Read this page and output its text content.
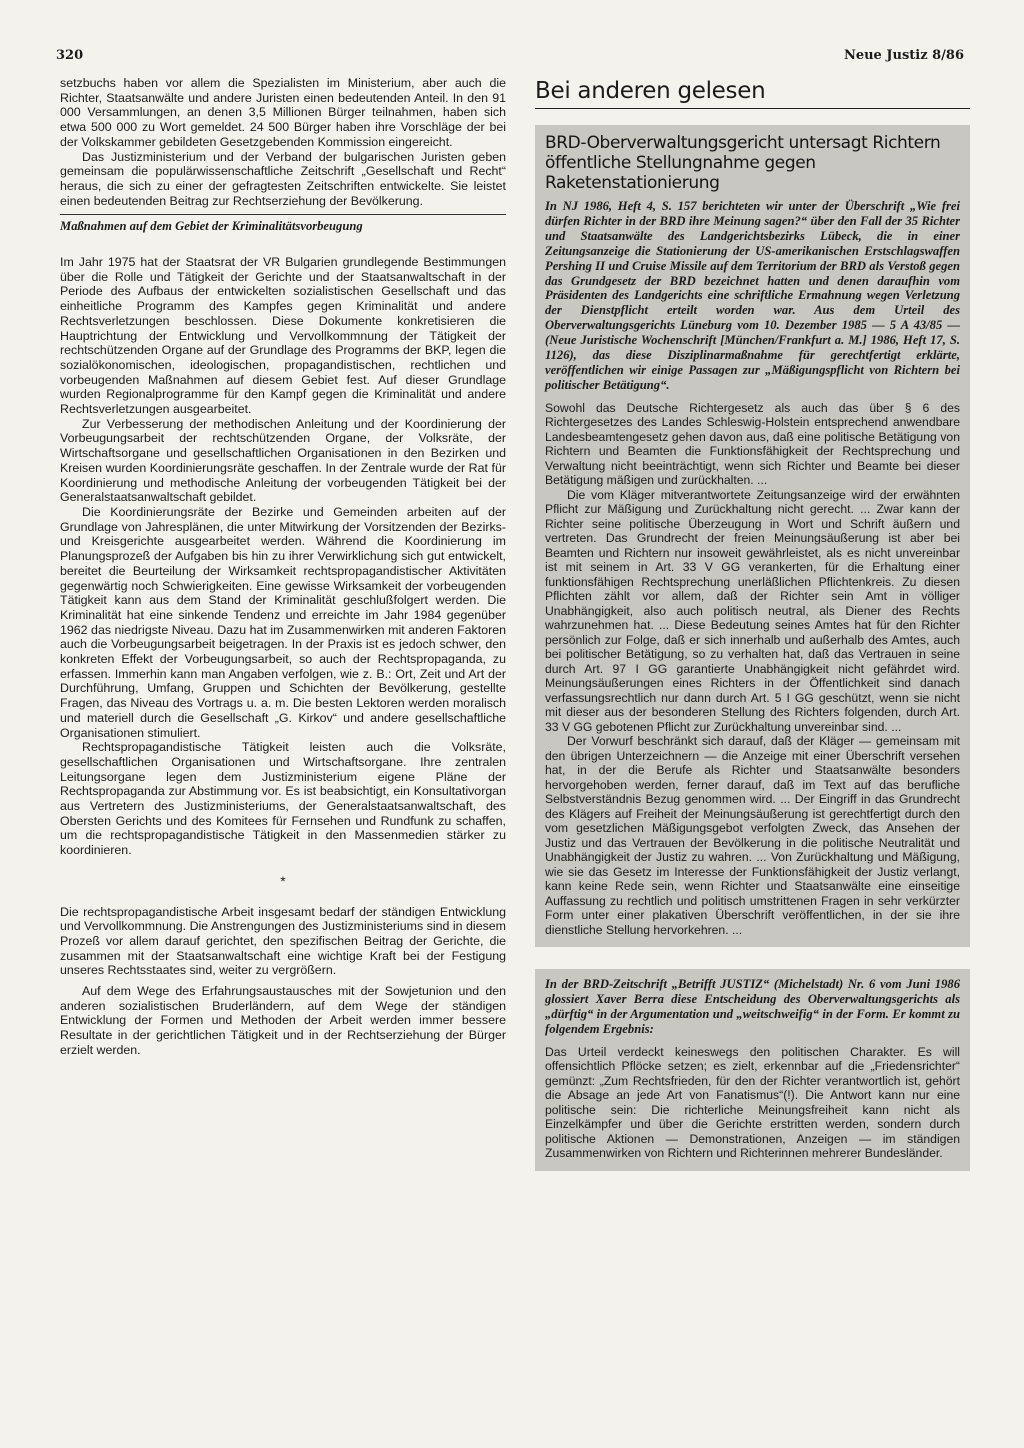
320	Neue Justiz 8/86

setzbuchs haben vor allem die Spezialisten im Ministerium, aber auch die Richter, Staatsanwälte und andere Juristen einen bedeutenden Anteil. In den 91 000 Versammlungen, an denen 3,5 Millionen Bürger teilnahmen, haben sich etwa 500 000 zu Wort gemeldet. 24 500 Bürger haben ihre Vorschläge der bei der Volkskammer gebildeten Gesetzgebenden Kommission eingereicht.

Das Justizministerium und der Verband der bulgarischen Juristen geben gemeinsam die populärwissenschaftliche Zeitschrift „Gesellschaft und Recht“ heraus, die sich zu einer der gefragtesten Zeitschriften entwickelte. Sie leistet einen bedeutenden Beitrag zur Rechtserziehung der Bevölkerung.

Maßnahmen auf dem Gebiet der Kriminalitätsvorbeugung

Im Jahr 1975 hat der Staatsrat der VR Bulgarien grundlegende Bestimmungen über die Rolle und Tätigkeit der Gerichte und der Staatsanwaltschaft in der Periode des Aufbaus der entwickelten sozialistischen Gesellschaft und das einheitliche Programm des Kampfes gegen Kriminalität und andere Rechtsverletzungen beschlossen. Diese Dokumente konkretisieren die Hauptrichtung der Entwicklung und Vervollkommnung der Tätigkeit der rechtschützenden Organe auf der Grundlage des Programms der BKP, legen die sozialökonomischen, ideologischen, propagandistischen, rechtlichen und vorbeugenden Maßnahmen auf diesem Gebiet fest. Auf dieser Grundlage wurden Regionalprogramme für den Kampf gegen die Kriminalität und andere Rechtsverletzungen ausgearbeitet.

Zur Verbesserung der methodischen Anleitung und der Koordinierung der Vorbeugungsarbeit der rechtschützenden Organe, der Volksräte, der Wirtschaftsorgane und gesellschaftlichen Organisationen in den Bezirken und Kreisen wurden Koordinierungsräte geschaffen. In der Zentrale wurde der Rat für Koordinierung und methodische Anleitung der vorbeugenden Tätigkeit bei der Generalstaatsanwaltschaft gebildet.

Die Koordinierungsräte der Bezirke und Gemeinden arbeiten auf der Grundlage von Jahresplänen, die unter Mitwirkung der Vorsitzenden der Bezirks- und Kreisgerichte ausgearbeitet werden. Während die Koordinierung im Planungsprozeß der Aufgaben bis hin zu ihrer Verwirklichung sich gut entwickelt, bereitet die Beurteilung der Wirksamkeit rechtspropagandistischer Aktivitäten gegenwärtig noch Schwierigkeiten. Eine gewisse Wirksamkeit der vorbeugenden Tätigkeit kann aus dem Stand der Kriminalität geschlußfolgert werden. Die Kriminalität hat eine sinkende Tendenz und erreichte im Jahr 1984 gegenüber 1962 das niedrigste Niveau. Dazu hat im Zusammenwirken mit anderen Faktoren auch die Vorbeugungsarbeit beigetragen. In der Praxis ist es jedoch schwer, den konkreten Effekt der Vorbeugungsarbeit, so auch der Rechtspropaganda, zu erfassen. Immerhin kann man Angaben verfolgen, wie z. B.: Ort, Zeit und Art der Durchführung, Umfang, Gruppen und Schichten der Bevölkerung, gestellte Fragen, das Niveau des Vortrags u. a. m. Die besten Lektoren werden moralisch und materiell durch die Gesellschaft „G. Kirkov“ und andere gesellschaftliche Organisationen stimuliert.

Rechtspropagandistische Tätigkeit leisten auch die Volksräte, gesellschaftlichen Organisationen und Wirtschaftsorgane. Ihre zentralen Leitungsorgane legen dem Justizministerium eigene Pläne der Rechtspropaganda zur Abstimmung vor. Es ist beabsichtigt, ein Konsultativorgan aus Vertretern des Justizministeriums, der Generalstaatsanwaltschaft, des Obersten Gerichts und des Komitees für Fernsehen und Rundfunk zu schaffen, um die rechtspropagandistische Tätigkeit in den Massenmedien stärker zu koordinieren.

*

Die rechtspropagandistische Arbeit insgesamt bedarf der ständigen Entwicklung und Vervollkommnung. Die Anstrengungen des Justizministeriums sind in diesem Prozeß vor allem darauf gerichtet, den spezifischen Beitrag der Gerichte, die zusammen mit der Staatsanwaltschaft eine wichtige Kraft bei der Festigung unseres Rechtsstaates sind, weiter zu vergrößern.

Auf dem Wege des Erfahrungsaustausches mit der Sowjetunion und den anderen sozialistischen Bruderländern, auf dem Wege der ständigen Entwicklung der Formen und Methoden der Arbeit werden immer bessere Resultate in der gerichtlichen Tätigkeit und in der Rechtserziehung der Bürger erzielt werden.

Bei anderen gelesen
BRD-Oberverwaltungsgericht untersagt Richtern öffentliche Stellungnahme gegen Raketenstationierung

In NJ 1986, Heft 4, S. 157 berichteten wir unter der Überschrift „Wie frei dürfen Richter in der BRD ihre Meinung sagen?“ über den Fall der 35 Richter und Staatsanwälte des Landgerichtsbezirks Lübeck, die in einer Zeitungsanzeige die Stationierung der US-amerikanischen Erstschlagswaffen Pershing II und Cruise Missile auf dem Territorium der BRD als Verstoß gegen das Grundgesetz der BRD bezeichnet hatten und denen daraufhin vom Präsidenten des Landgerichts eine schriftliche Ermahnung wegen Verletzung der Dienstpflicht erteilt worden war. Aus dem Urteil des Oberverwaltungsgerichts Lüneburg vom 10. Dezember 1985 — 5 A 43/85 — (Neue Juristische Wochenschrift [München/Frankfurt a. M.] 1986, Heft 17, S. 1126), das diese Disziplinarmaßnahme für gerechtfertigt erklärte, veröffentlichen wir einige Passagen zur „Mäßigungspflicht von Richtern bei politischer Betätigung“.

Sowohl das Deutsche Richtergesetz als auch das über § 6 des Richtergesetzes des Landes Schleswig-Holstein entsprechend anwendbare Landesbeamtengesetz gehen davon aus, daß eine politische Betätigung von Richtern und Beamten die Funktionsfähigkeit der Rechtsprechung und Verwaltung nicht beeinträchtigt, wenn sich Richter und Beamte bei dieser Betätigung mäßigen und zurückhalten. ...

Die vom Kläger mitverantwortete Zeitungsanzeige wird der erwähnten Pflicht zur Mäßigung und Zurückhaltung nicht gerecht. ... Zwar kann der Richter seine politische Überzeugung in Wort und Schrift äußern und vertreten. Das Grundrecht der freien Meinungsäußerung ist aber bei Beamten und Richtern nur insoweit gewährleistet, als es nicht unvereinbar ist mit seinem in Art. 33 V GG verankerten, für die Erhaltung einer funktionsfähigen Rechtsprechung unerläßlichen Pflichtenkreis. Zu diesen Pflichten zählt vor allem, daß der Richter sein Amt in völliger Unabhängigkeit, also auch politisch neutral, als Diener des Rechts wahrzunehmen hat. ... Diese Bedeutung seines Amtes hat für den Richter persönlich zur Folge, daß er sich innerhalb und außerhalb des Amtes, auch bei politischer Betätigung, so zu verhalten hat, daß das Vertrauen in seine durch Art. 97 I GG garantierte Unabhängigkeit nicht gefährdet wird. Meinungsäußerungen eines Richters in der Öffentlichkeit sind danach verfassungsrechtlich nur dann durch Art. 5 I GG geschützt, wenn sie nicht mit dieser aus der besonderen Stellung des Richters folgenden, durch Art. 33 V GG gebotenen Pflicht zur Zurückhaltung unvereinbar sind. ...

Der Vorwurf beschränkt sich darauf, daß der Kläger — gemeinsam mit den übrigen Unterzeichnern — die Anzeige mit einer Überschrift versehen hat, in der die Berufe als Richter und Staatsanwälte besonders hervorgehoben werden, ferner darauf, daß im Text auf das berufliche Selbstverständnis Bezug genommen wird. ... Der Eingriff in das Grundrecht des Klägers auf Freiheit der Meinungsäußerung ist gerechtfertigt durch den vom gesetzlichen Mäßigungsgebot verfolgten Zweck, das Ansehen der Justiz und das Vertrauen der Bevölkerung in die politische Neutralität und Unabhängigkeit der Justiz zu wahren. ... Von Zurückhaltung und Mäßigung, wie sie das Gesetz im Interesse der Funktionsfähigkeit der Justiz verlangt, kann keine Rede sein, wenn Richter und Staatsanwälte eine einseitige Auffassung zu rechtlich und politisch umstrittenen Fragen in sehr verkürzter Form unter einer plakativen Überschrift veröffentlichen, in der sie ihre dienstliche Stellung hervorkehren. ...

In der BRD-Zeitschrift „Betrifft JUSTIZ“ (Michelstadt) Nr. 6 vom Juni 1986 glossiert Xaver Berra diese Entscheidung des Oberverwaltungsgerichts als „dürftig“ in der Argumentation und „weitschweifig“ in der Form. Er kommt zu folgendem Ergebnis:

Das Urteil verdeckt keineswegs den politischen Charakter. Es will offensichtlich Pflöcke setzen; es zielt, erkennbar auf die „Friedensrichter“ gemünzt: „Zum Rechtsfrieden, für den der Richter verantwortlich ist, gehört die Absage an jede Art von Fanatismus“(!). Die Antwort kann nur eine politische sein: Die richterliche Meinungsfreiheit kann nicht als Einzelkämpfer und über die Gerichte erstritten werden, sondern durch politische Aktionen — Demonstrationen, Anzeigen — im ständigen Zusammenwirken von Richtern und Richterinnen mehrerer Bundesländer.
